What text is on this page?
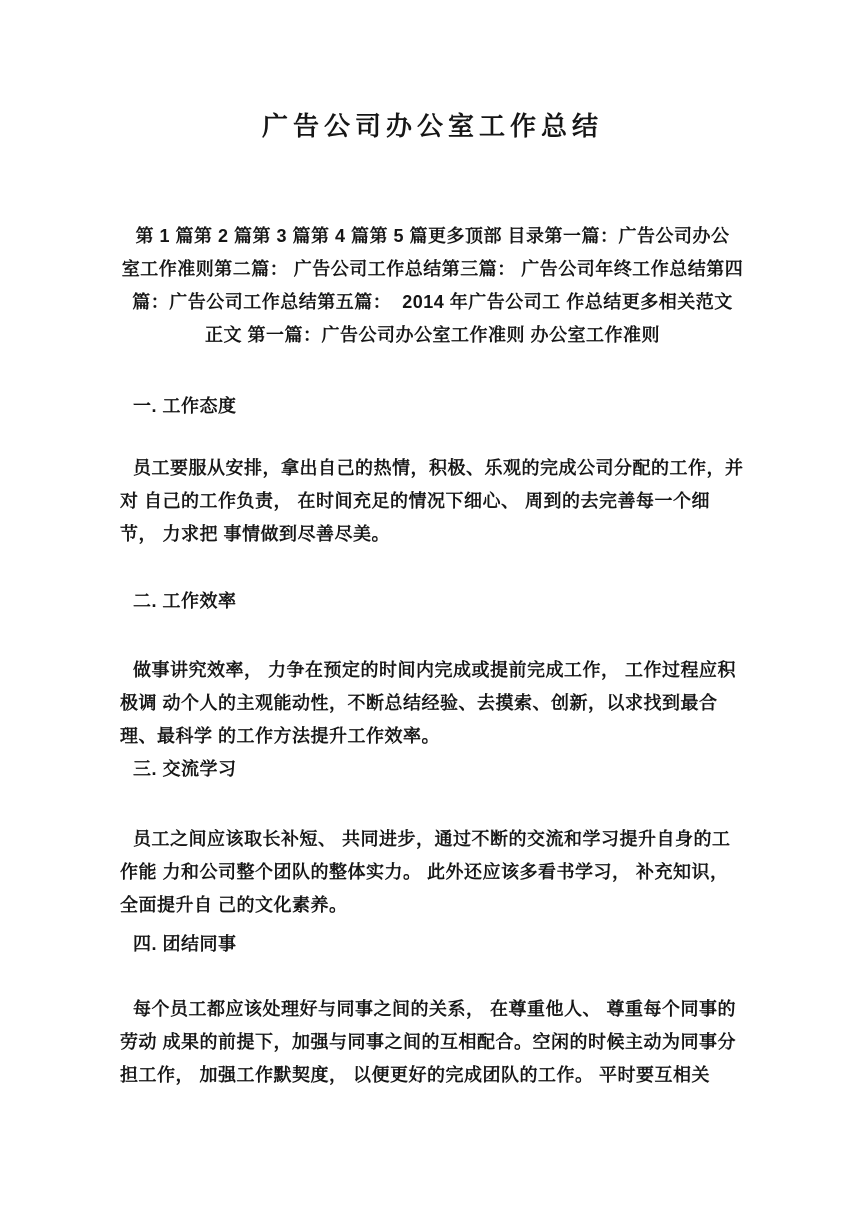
广告公司办公室工作总结
第 1 篇第 2 篇第 3 篇第 4 篇第 5 篇更多顶部 目录第一篇：广告公司办公
室工作准则第二篇： 广告公司工作总结第三篇： 广告公司年终工作总结第四
篇：广告公司工作总结第五篇：  2014 年广告公司工 作总结更多相关范文
正文 第一篇：广告公司办公室工作准则 办公室工作准则
一. 工作态度
员工要服从安排，拿出自己的热情，积极、乐观的完成公司分配的工作，并
对 自己的工作负责， 在时间充足的情况下细心、 周到的去完善每一个细
节， 力求把 事情做到尽善尽美。
二. 工作效率
做事讲究效率， 力争在预定的时间内完成或提前完成工作， 工作过程应积
极调 动个人的主观能动性，不断总结经验、去摸索、创新，以求找到最合
理、最科学 的工作方法提升工作效率。
三. 交流学习
员工之间应该取长补短、 共同进步，通过不断的交流和学习提升自身的工
作能 力和公司整个团队的整体实力。 此外还应该多看书学习， 补充知识，
全面提升自 己的文化素养。
四. 团结同事
每个员工都应该处理好与同事之间的关系， 在尊重他人、 尊重每个同事的
劳动 成果的前提下，加强与同事之间的互相配合。空闲的时候主动为同事分
担工作， 加强工作默契度， 以便更好的完成团队的工作。 平时要互相关
